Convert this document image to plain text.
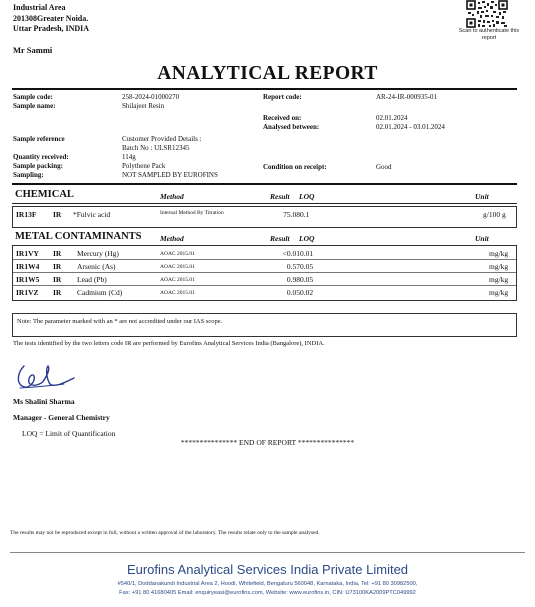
Industrial Area
201308Greater Noida.
Uttar Pradesh, INDIA
Mr Sammi
Scan to authenticate this report
ANALYTICAL REPORT
Sample code:	258-2024-01000270
Sample name:	Shilajeet Resin
Report code:	AR-24-IR-000935-01
Received on:	02.01.2024
Analysed between:	02.01.2024 - 03.01.2024
Sample reference	Customer Provided Details :
Batch No : ULSR12345
Quantity received:	114g
Sample packing:	Polythene Pack	Condition on receipt:	Good
Sampling:	NOT SAMPLED BY EUROFINS
CHEMICAL	Method	Result LOQ	Unit
IR13F IR *Fulvic acid	Internal Method By Titration	75.08 0.1	g/100 g
METAL CONTAMINANTS Method	Result LOQ	Unit
IR1VY IR Mercury (Hg)	AOAC 2015.01	<0.01 0.01	mg/kg
IR1W4 IR Arsenic (As)	AOAC 2015.01	0.57 0.05	mg/kg
IR1W5 IR Lead (Pb)	AOAC 2015.01	0.98 0.05	mg/kg
IR1VZ IR Cadmium (Cd)	AOAC 2015.01	0.05 0.02	mg/kg
Note: The parameter marked with an * are not accredited under our IAS scope.
The tests identified by the two letters code IR are performed by Eurofins Analytical Services India (Bangalore), INDIA.
Ms Shalini Sharma
Manager - General Chemistry
LOQ = Limit of Quantification
*************** END OF REPORT ***************
The results may not be reproduced except in full, without a written approval of the laboratory. The results relate only to the sample analysed.
Eurofins Analytical Services India Private Limited
#540/1, Doddanakundi Industrial Area 2, Hoodi, Whitefield, Bengaluru 560048, Karnataka, India, Tel: +91 80 30982500,
Fax: +91 80 41680405 Email: enquiryeasi@eurofins.com, Website: www.eurofins.in, CIN: U73100KA2009PTC049992
